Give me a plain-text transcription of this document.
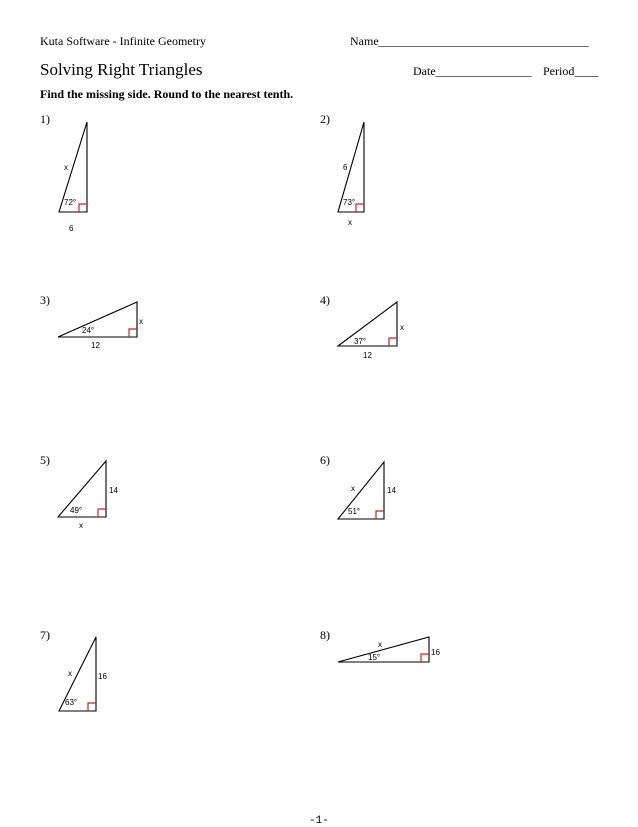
Kuta Software - Infinite Geometry	Name___________________________________
Solving Right Triangles	Date________________ Period____
Find the missing side. Round to the nearest tenth.
1)	2)
3)	4)
5)	6)
7)	8)
72°
x
6
73°
6
x
24°
x
12	37°
x
12
49°
14
x
51°
x	14
63°
x	16
15°
x
16
-1-
